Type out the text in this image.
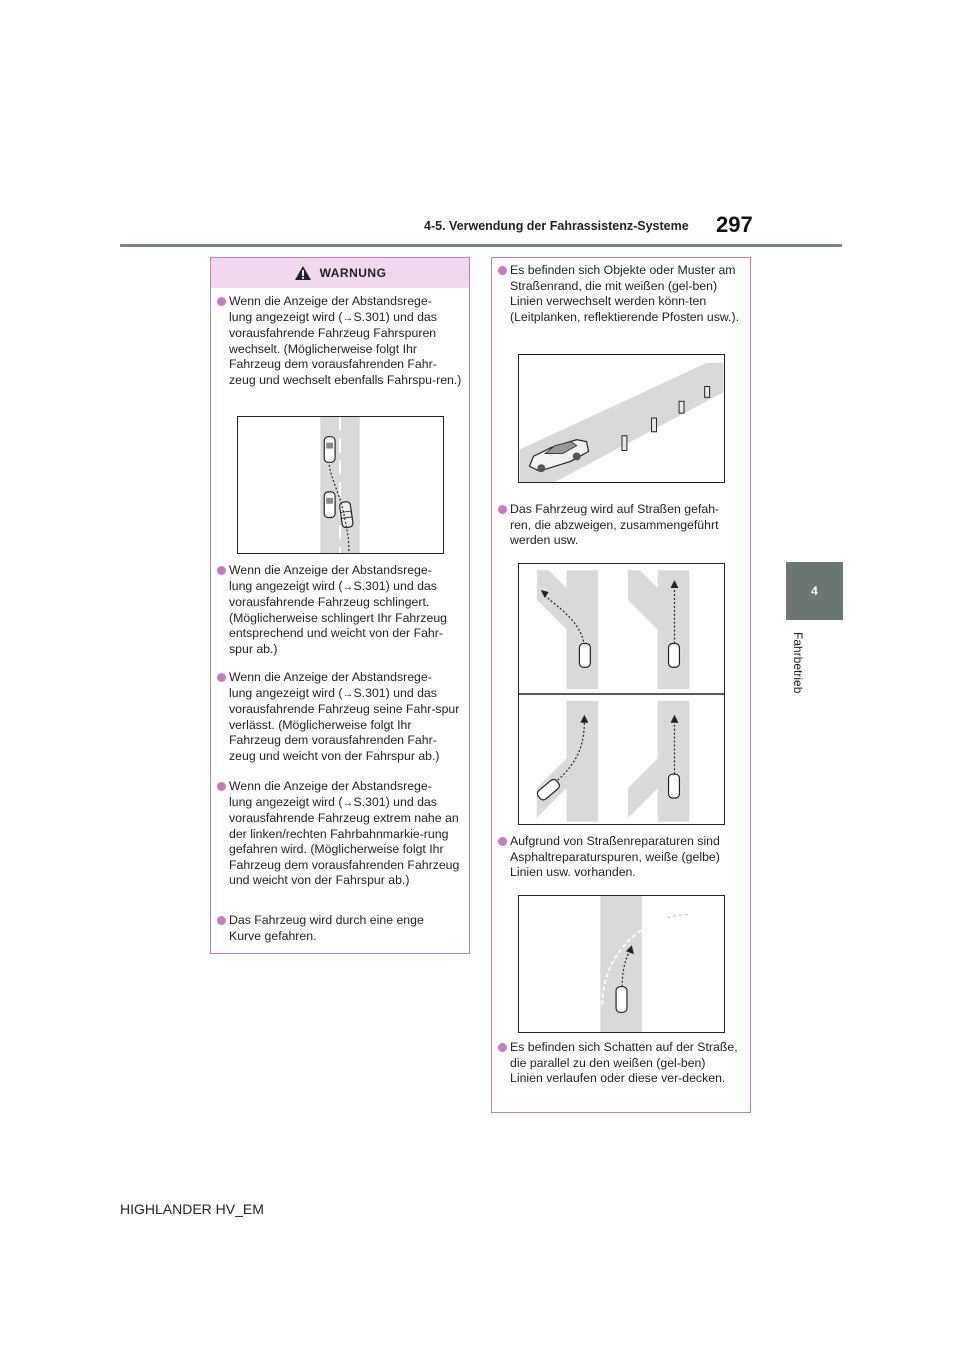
4-5. Verwendung der Fahrassistenz-Systeme 297
4
Fahrbetrieb
WARNUNG
Wenn die Anzeige der Abstandsrege-
lung angezeigt wird (→S.301) und das vorausfahrende Fahrzeug Fahrspuren wechselt. (Möglicherweise folgt Ihr Fahrzeug dem vorausfahrenden Fahr-zeug und wechselt ebenfalls Fahrspu-ren.)
Wenn die Anzeige der Abstandsrege-
lung angezeigt wird (→S.301) und das vorausfahrende Fahrzeug schlingert. (Möglicherweise schlingert Ihr Fahrzeug entsprechend und weicht von der Fahr-spur ab.)
Wenn die Anzeige der Abstandsrege-
lung angezeigt wird (→S.301) und das vorausfahrende Fahrzeug seine Fahr-spur verlässt. (Möglicherweise folgt Ihr Fahrzeug dem vorausfahrenden Fahr-zeug und weicht von der Fahrspur ab.)
Wenn die Anzeige der Abstandsrege-
lung angezeigt wird (→S.301) und das vorausfahrende Fahrzeug extrem nahe an der linken/rechten Fahrbahnmarkie-rung gefahren wird. (Möglicherweise folgt Ihr Fahrzeug dem vorausfahrenden Fahrzeug und weicht von der Fahrspur ab.)
Das Fahrzeug wird durch eine enge Kurve gefahren.
Es befinden sich Objekte oder Muster am Straßenrand, die mit weißen (gel-ben) Linien verwechselt werden könn-ten (Leitplanken, reflektierende Pfosten usw.).
Das Fahrzeug wird auf Straßen gefah-ren, die abzweigen, zusammengeführt werden usw.
Aufgrund von Straßenreparaturen sind Asphaltreparaturspuren, weiße (gelbe) Linien usw. vorhanden.
Es befinden sich Schatten auf der Straße, die parallel zu den weißen (gel-ben) Linien verlaufen oder diese ver-decken.
HIGHLANDER HV_EM
